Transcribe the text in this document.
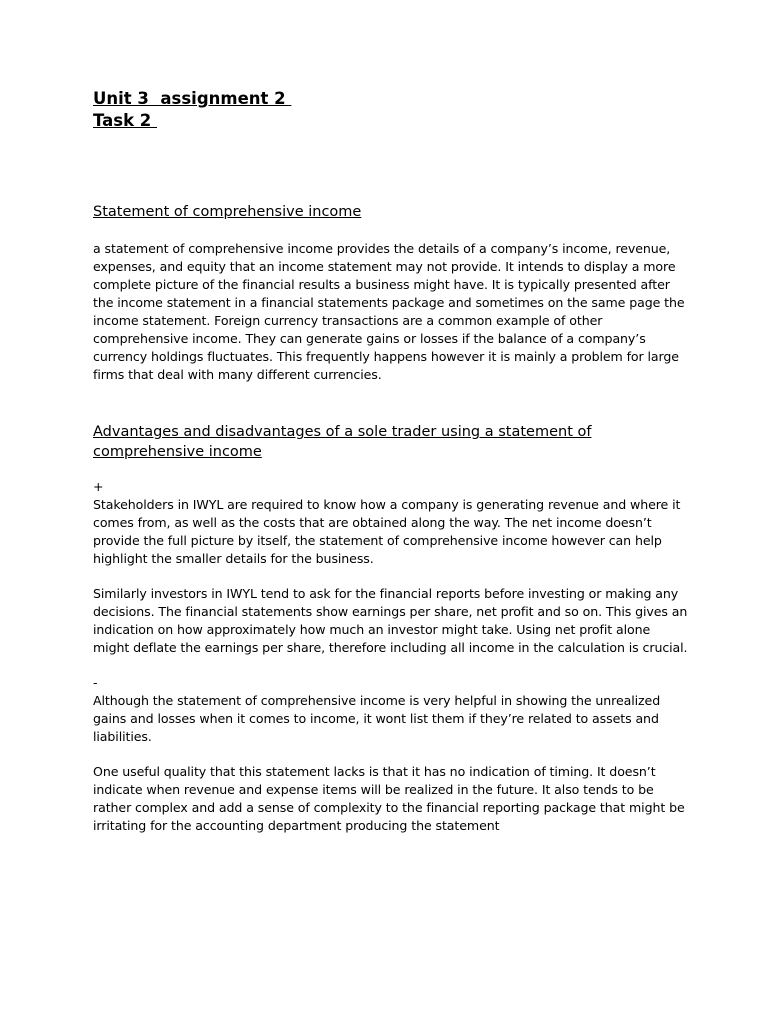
Unit 3  assignment 2

Task 2

Statement of comprehensive income

a statement of comprehensive income provides the details of a company’s income, revenue, expenses, and equity that an income statement may not provide. It intends to display a more complete picture of the financial results a business might have. It is typically presented after the income statement in a financial statements package and sometimes on the same page the income statement. Foreign currency transactions are a common example of other comprehensive income. They can generate gains or losses if the balance of a company’s currency holdings fluctuates. This frequently happens however it is mainly a problem for large firms that deal with many different currencies.

Advantages and disadvantages of a sole trader using a statement of comprehensive income

+

Stakeholders in IWYL are required to know how a company is generating revenue and where it comes from, as well as the costs that are obtained along the way. The net income doesn’t provide the full picture by itself, the statement of comprehensive income however can help highlight the smaller details for the business.

Similarly investors in IWYL tend to ask for the financial reports before investing or making any decisions. The financial statements show earnings per share, net profit and so on. This gives an indication on how approximately how much an investor might take. Using net profit alone might deflate the earnings per share, therefore including all income in the calculation is crucial.

-

Although the statement of comprehensive income is very helpful in showing the unrealized gains and losses when it comes to income, it wont list them if they’re related to assets and liabilities.

One useful quality that this statement lacks is that it has no indication of timing. It doesn’t indicate when revenue and expense items will be realized in the future. It also tends to be rather complex and add a sense of complexity to the financial reporting package that might be irritating for the accounting department producing the statement
